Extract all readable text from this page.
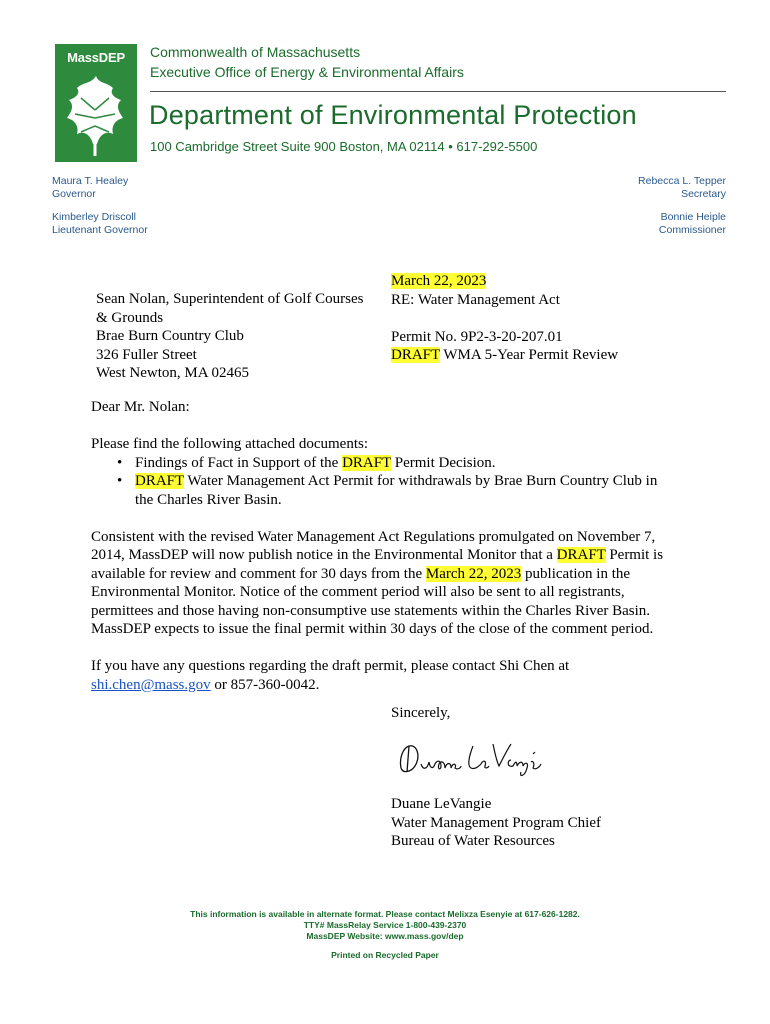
MassDEP	Commonwealth of Massachusetts
Executive Office of Energy & Environmental Affairs
Department of Environmental Protection
100 Cambridge Street Suite 900 Boston, MA 02114 • 617-292-5500
Maura T. Healey
Governor
Kimberley Driscoll
Lieutenant Governor
Rebecca L. Tepper
Secretary
Bonnie Heiple
Commissioner
Sean Nolan, Superintendent of Golf Courses
& Grounds
Brae Burn Country Club
326 Fuller Street
West Newton, MA 02465
March 22, 2023
RE: Water Management Act
Permit No. 9P2-3-20-207.01
DRAFT WMA 5-Year Permit Review
Dear Mr. Nolan:
Please find the following attached documents:
• Findings of Fact in Support of the DRAFT Permit Decision.
• DRAFT Water Management Act Permit for withdrawals by Brae Burn Country Club in
the Charles River Basin.
Consistent with the revised Water Management Act Regulations promulgated on November 7,
2014, MassDEP will now publish notice in the Environmental Monitor that a DRAFT Permit is
available for review and comment for 30 days from the March 22, 2023 publication in the
Environmental Monitor. Notice of the comment period will also be sent to all registrants,
permittees and those having non-consumptive use statements within the Charles River Basin.
MassDEP expects to issue the final permit within 30 days of the close of the comment period.
If you have any questions regarding the draft permit, please contact Shi Chen at
shi.chen@mass.gov or 857-360-0042.
Sincerely,
Duane LeVangie
Water Management Program Chief
Bureau of Water Resources
This information is available in alternate format. Please contact Melixza Esenyie at 617-626-1282.
TTY# MassRelay Service 1-800-439-2370
MassDEP Website: www.mass.gov/dep
Printed on Recycled Paper
